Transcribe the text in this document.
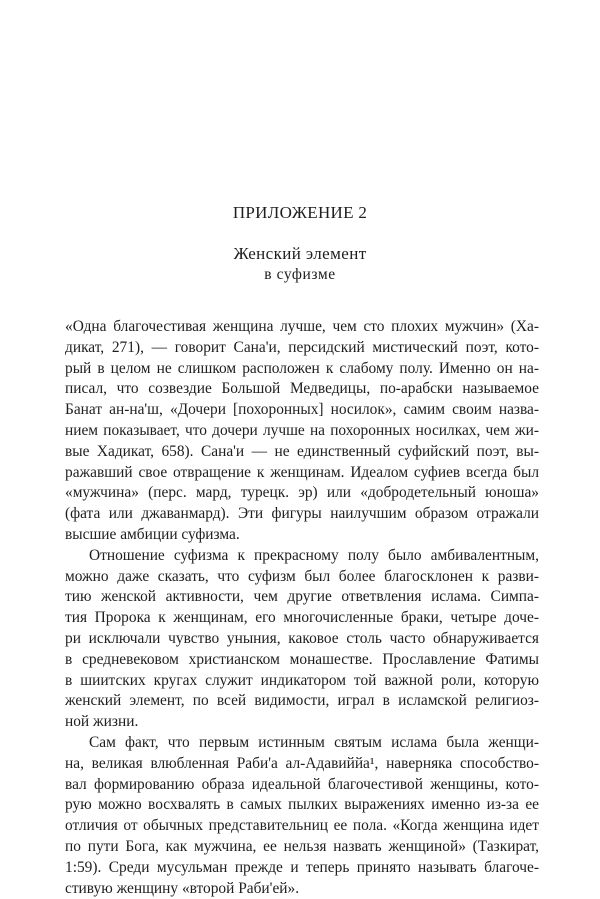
ПРИЛОЖЕНИЕ 2
Женский элемент
в суфизме

«Одна благочестивая женщина лучше, чем сто плохих мужчин» (Ха-
дикат, 271), — говорит Сана'и, персидский мистический поэт, кото-
рый в целом не слишком расположен к слабому полу. Именно он на-
писал, что созвездие Большой Медведицы, по-арабски называемое
Банат ан-на'ш, «Дочери [похоронных] носилок», самим своим назва-
нием показывает, что дочери лучше на похоронных носилках, чем жи-
вые Хадикат, 658). Сана'и — не единственный суфийский поэт, вы-
ражавший свое отвращение к женщинам. Идеалом суфиев всегда был
«мужчина» (перс. мард, турецк. эр) или «добродетельный юноша»
(фата или джаванмард). Эти фигуры наилучшим образом отражали
высшие амбиции суфизма.

Отношение суфизма к прекрасному полу было амбивалентным,
можно даже сказать, что суфизм был более благосклонен к разви-
тию женской активности, чем другие ответвления ислама. Симпа-
тия Пророка к женщинам, его многочисленные браки, четыре доче-
ри исключали чувство уныния, каковое столь часто обнаруживается
в средневековом христианском монашестве. Прославление Фатимы
в шиитских кругах служит индикатором той важной роли, которую
женский элемент, по всей видимости, играл в исламской религиоз-
ной жизни.

Сам факт, что первым истинным святым ислама была женщи-
на, великая влюбленная Раби'а ал-Адавиййа¹, наверняка способство-
вал формированию образа идеальной благочестивой женщины, кото-
рую можно восхвалять в самых пылких выражениях именно из-за ее
отличия от обычных представительниц ее пола. «Когда женщина идет
по пути Бога, как мужчина, ее нельзя назвать женщиной» (Тазкират,
1:59). Среди мусульман прежде и теперь принято называть благоче-
стивую женщину «второй Раби'ей».
